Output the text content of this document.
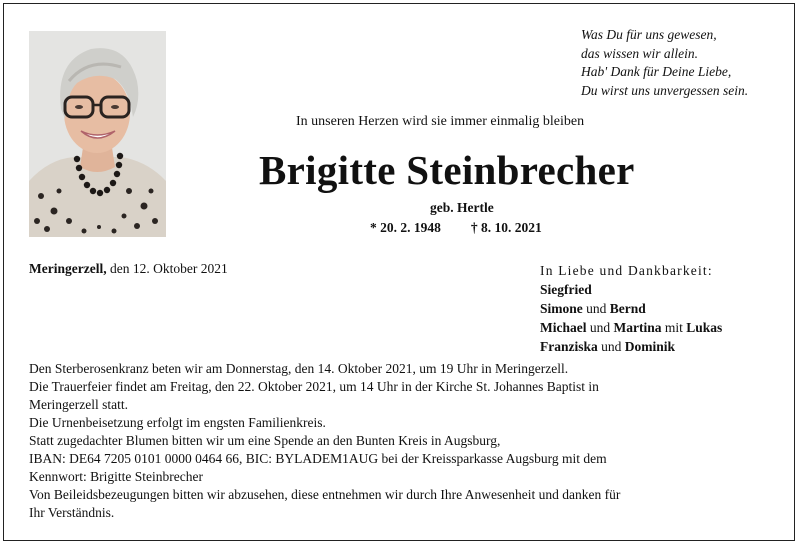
Was Du für uns gewesen,
das wissen wir allein.
Hab' Dank für Deine Liebe,
Du wirst uns unvergessen sein.
In unseren Herzen wird sie immer einmalig bleiben
Brigitte Steinbrecher
geb. Hertle
* 20. 2. 1948 † 8. 10. 2021
Meringerzell, den 12. Oktober 2021	In Liebe und Dankbarkeit:
Siegfried
Simone und Bernd
Michael und Martina mit Lukas
Franziska und Dominik
Den Sterberosenkranz beten wir am Donnerstag, den 14. Oktober 2021, um 19 Uhr in Meringerzell.
Die Trauerfeier findet am Freitag, den 22. Oktober 2021, um 14 Uhr in der Kirche St. Johannes Baptist in
Meringerzell statt.
Die Urnenbeisetzung erfolgt im engsten Familienkreis.
Statt zugedachter Blumen bitten wir um eine Spende an den Bunten Kreis in Augsburg,
IBAN: DE64 7205 0101 0000 0464 66, BIC: BYLADEM1AUG bei der Kreissparkasse Augsburg mit dem
Kennwort: Brigitte Steinbrecher
Von Beileidsbezeugungen bitten wir abzusehen, diese entnehmen wir durch Ihre Anwesenheit und danken für
Ihr Verständnis.
